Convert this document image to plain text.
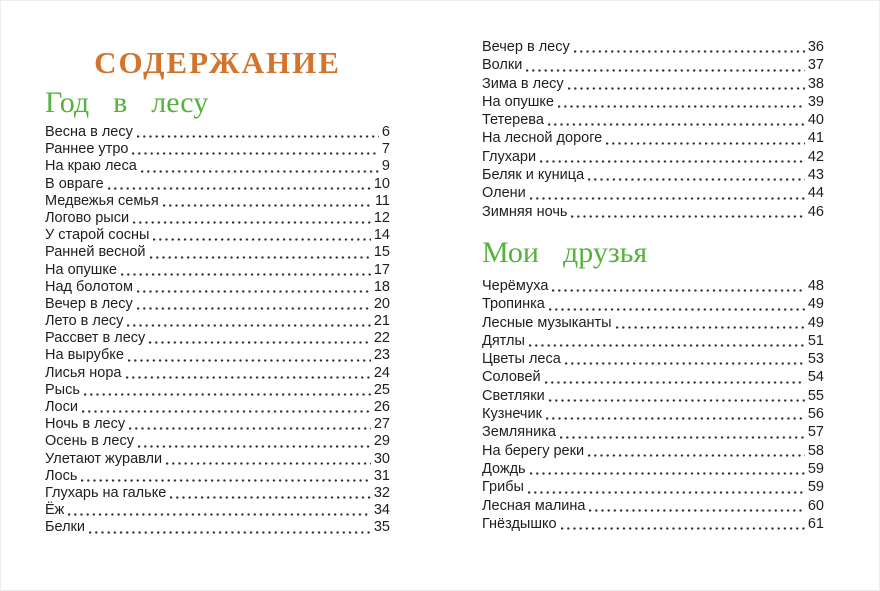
СОДЕРЖАНИЕ
Год в лесу
Весна в лесу	6
Раннее утро	7
На краю леса	9
В овраге	10
Медвежья семья	11
Логово рыси	12
У старой сосны	14
Ранней весной	15
На опушке	17
Над болотом	18
Вечер в лесу	20
Лето в лесу	21
Рассвет в лесу	22
На вырубке	23
Лисья нора	24
Рысь	25
Лоси	26
Ночь в лесу	27
Осень в лесу	29
Улетают журавли	30
Лось	31
Глухарь на гальке	32
Ёж	34
Белки	35
Вечер в лесу	36
Волки	37
Зима в лесу	38
На опушке	39
Тетерева	40
На лесной дороге	41
Глухари	42
Беляк и куница	43
Олени	44
Зимняя ночь	46
Мои друзья
Черёмуха	48
Тропинка	49
Лесные музыканты	49
Дятлы	51
Цветы леса	53
Соловей	54
Светляки	55
Кузнечик	56
Земляника	57
На берегу реки	58
Дождь	59
Грибы	59
Лесная малина	60
Гнёздышко	61
